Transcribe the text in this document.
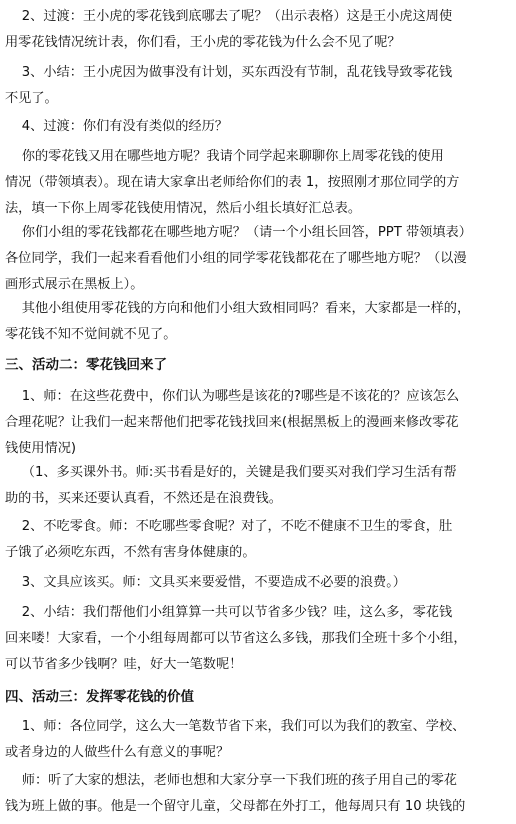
2、过渡：王小虎的零花钱到底哪去了呢？（出示表格）这是王小虎这周使
用零花钱情况统计表，你们看，王小虎的零花钱为什么会不见了呢？
3、小结：王小虎因为做事没有计划，买东西没有节制，乱花钱导致零花钱
不见了。
4、过渡：你们有没有类似的经历？
你的零花钱又用在哪些地方呢？我请个同学起来聊聊你上周零花钱的使用
情况（带领填表）。现在请大家拿出老师给你们的表 1，按照刚才那位同学的方
法，填一下你上周零花钱使用情况，然后小组长填好汇总表。
你们小组的零花钱都花在哪些地方呢？（请一个小组长回答，PPT 带领填表）
各位同学，我们一起来看看他们小组的同学零花钱都花在了哪些地方呢？（以漫
画形式展示在黑板上）。
其他小组使用零花钱的方向和他们小组大致相同吗？看来，大家都是一样的，
零花钱不知不觉间就不见了。
三、活动二：零花钱回来了
1、师：在这些花费中，你们认为哪些是该花的?哪些是不该花的？应该怎么
合理花呢？让我们一起来帮他们把零花钱找回来(根据黑板上的漫画来修改零花
钱使用情况)
（1、多买课外书。师:买书看是好的，关键是我们要买对我们学习生活有帮
助的书，买来还要认真看，不然还是在浪费钱。
2、不吃零食。师：不吃哪些零食呢？对了，不吃不健康不卫生的零食，肚
子饿了必须吃东西，不然有害身体健康的。
3、文具应该买。师：文具买来要爱惜，不要造成不必要的浪费。）
2、小结：我们帮他们小组算算一共可以节省多少钱？哇，这么多，零花钱
回来喽！大家看，一个小组每周都可以节省这么多钱，那我们全班十多个小组，
可以节省多少钱啊？哇，好大一笔数呢！
四、活动三：发挥零花钱的价值
1、师：各位同学，这么大一笔数节省下来，我们可以为我们的教室、学校、
或者身边的人做些什么有意义的事呢？
师：听了大家的想法，老师也想和大家分享一下我们班的孩子用自己的零花
钱为班上做的事。他是一个留守儿童，父母都在外打工，他每周只有 10 块钱的
